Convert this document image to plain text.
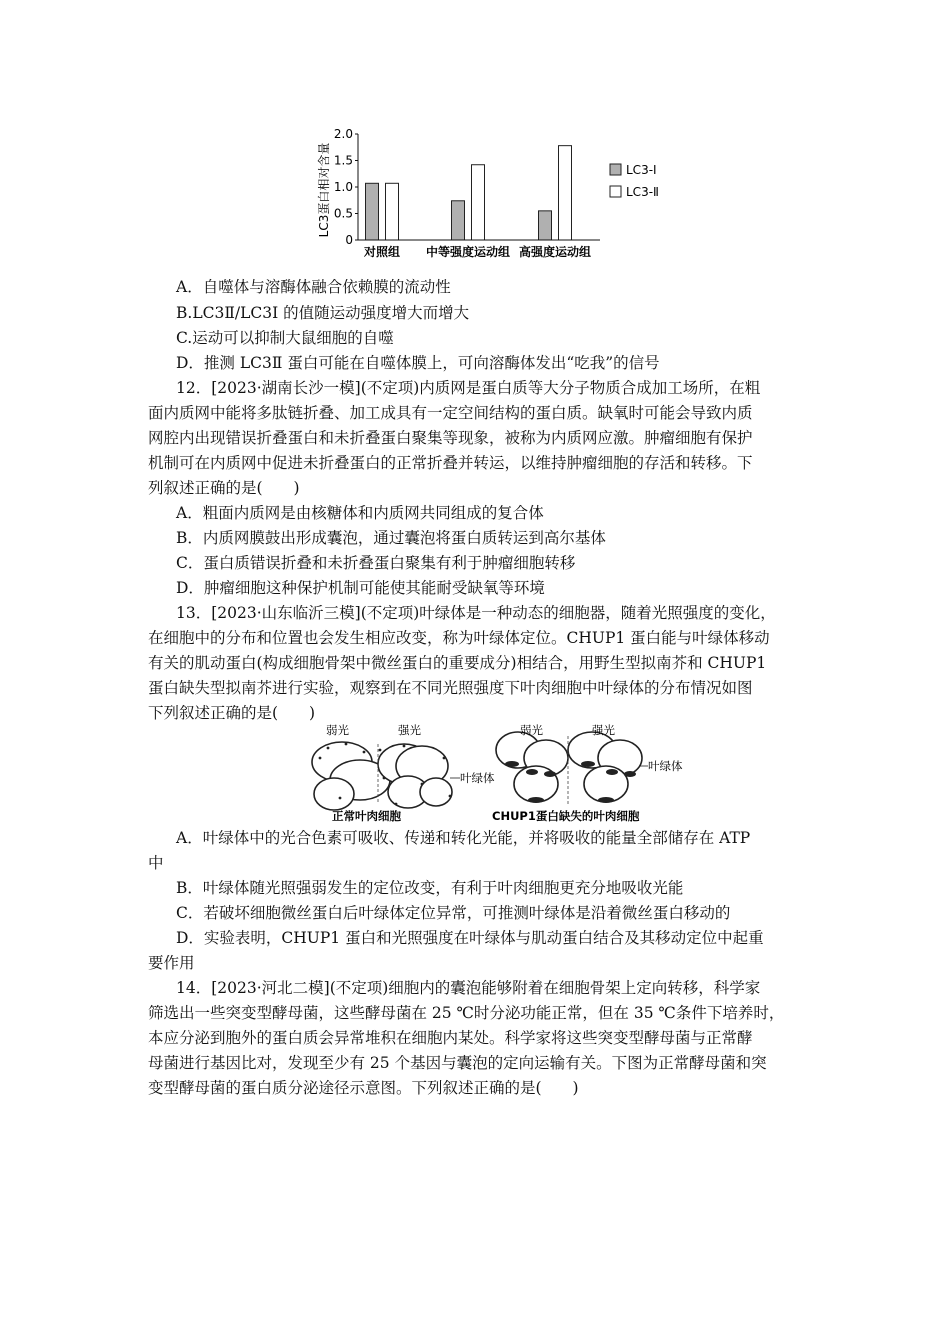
LC3蛋白相对含量
2.0
1.5
1.0
0.5
0
对照组 中等强度运动组 高强度运动组
LC3-Ⅰ
LC3-Ⅱ
A．自噬体与溶酶体融合依赖膜的流动性
B.LC3Ⅱ/LC3Ⅰ 的值随运动强度增大而增大
C.运动可以抑制大鼠细胞的自噬
D．推测 LC3Ⅱ 蛋白可能在自噬体膜上，可向溶酶体发出“吃我”的信号
12．[2023·湖南长沙一模](不定项)内质网是蛋白质等大分子物质合成加工场所，在粗
面内质网中能将多肽链折叠、加工成具有一定空间结构的蛋白质。缺氧时可能会导致内质
网腔内出现错误折叠蛋白和未折叠蛋白聚集等现象，被称为内质网应激。肿瘤细胞有保护
机制可在内质网中促进未折叠蛋白的正常折叠并转运，以维持肿瘤细胞的存活和转移。下
列叙述正确的是(　　)
A．粗面内质网是由核糖体和内质网共同组成的复合体
B．内质网膜鼓出形成囊泡，通过囊泡将蛋白质转运到高尔基体
C．蛋白质错误折叠和未折叠蛋白聚集有利于肿瘤细胞转移
D．肿瘤细胞这种保护机制可能使其能耐受缺氧等环境
13．[2023·山东临沂三模](不定项)叶绿体是一种动态的细胞器，随着光照强度的变化，
在细胞中的分布和位置也会发生相应改变，称为叶绿体定位。CHUP1 蛋白能与叶绿体移动
有关的肌动蛋白(构成细胞骨架中微丝蛋白的重要成分)相结合，用野生型拟南芥和 CHUP1
蛋白缺失型拟南芥进行实验，观察到在不同光照强度下叶肉细胞中叶绿体的分布情况如图
下列叙述正确的是(　　)
弱光	强光
叶绿体
正常叶肉细胞
弱光	强光
叶绿体
CHUP1蛋白缺失的叶肉细胞
A．叶绿体中的光合色素可吸收、传递和转化光能，并将吸收的能量全部储存在 ATP
中
B．叶绿体随光照强弱发生的定位改变，有利于叶肉细胞更充分地吸收光能
C．若破坏细胞微丝蛋白后叶绿体定位异常，可推测叶绿体是沿着微丝蛋白移动的
D．实验表明，CHUP1 蛋白和光照强度在叶绿体与肌动蛋白结合及其移动定位中起重
要作用
14．[2023·河北二模](不定项)细胞内的囊泡能够附着在细胞骨架上定向转移，科学家
筛选出一些突变型酵母菌，这些酵母菌在 25 ℃时分泌功能正常，但在 35 ℃条件下培养时，
本应分泌到胞外的蛋白质会异常堆积在细胞内某处。科学家将这些突变型酵母菌与正常酵
母菌进行基因比对，发现至少有 25 个基因与囊泡的定向运输有关。下图为正常酵母菌和突
变型酵母菌的蛋白质分泌途径示意图。下列叙述正确的是(　　)
